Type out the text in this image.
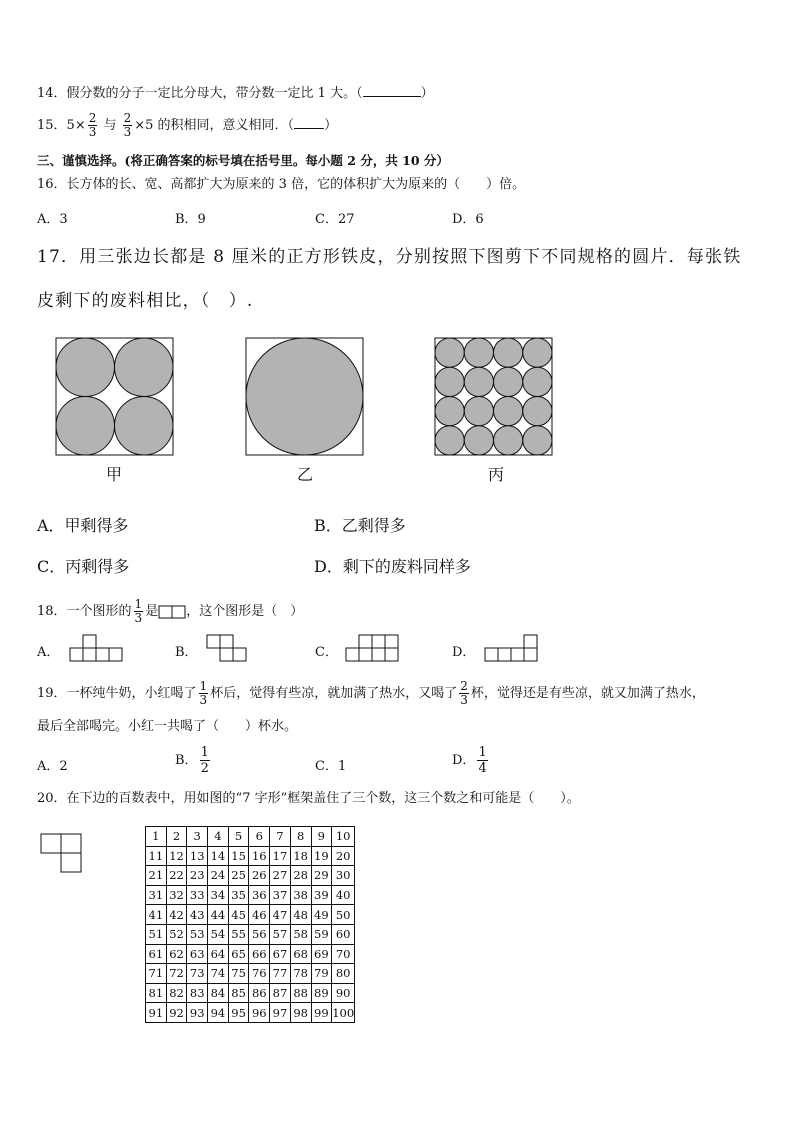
14．假分数的分子一定比分母大，带分数一定比 1 大。（	）
15．$5\times \frac{2}{3}$ 与 $\frac{2}{3} \times 5$ 的积相同，意义相同．（ ）
三、谨慎选择。(将正确答案的标号填在括号里。每小题 2 分，共 10 分）
16．长方体的长、宽、高都扩大为原来的 3 倍，它的体积扩大为原来的（　　）倍。
A．3	B．9	C．27	D．6
17．用三张边长都是 8 厘米的正方形铁皮，分别按照下图剪下不同规格的圆片．每张铁
皮剩下的废料相比，（　）.
甲	乙	丙
A．甲剩得多	B．乙剩得多
C．丙剩得多	D．剩下的废料同样多
18．一个图形的 $\frac{1}{3}$ 是 ，这个图形是（　）
A．	B．	C．	D．
19．一杯纯牛奶，小红喝了 $\frac{1}{3}$ 杯后，觉得有些凉，就加满了热水，又喝了 $\frac{2}{3}$ 杯，觉得还是有些凉，就又加满了热水，
最后全部喝完。小红一共喝了（　　）杯水。
A．2	B． $\frac{1}{2}$	C．1	D． $\frac{1}{4}$
20．在下边的百数表中，用如图的“7 字形”框架盖住了三个数，这三个数之和可能是（　　）。
1	2	3	4	5	6	7	8	9	10
11	12	13	14	15	16	17	18	19	20
21	22	23	24	25	26	27	28	29	30
31	32	33	34	35	36	37	38	39	40
41	42	43	44	45	46	47	48	49	50
51	52	53	54	55	56	57	58	59	60
61	62	63	64	65	66	67	68	69	70
71	72	73	74	75	76	77	78	79	80
81	82	83	84	85	86	87	88	89	90
91	92	93	94	95	96	97	98	99	100
